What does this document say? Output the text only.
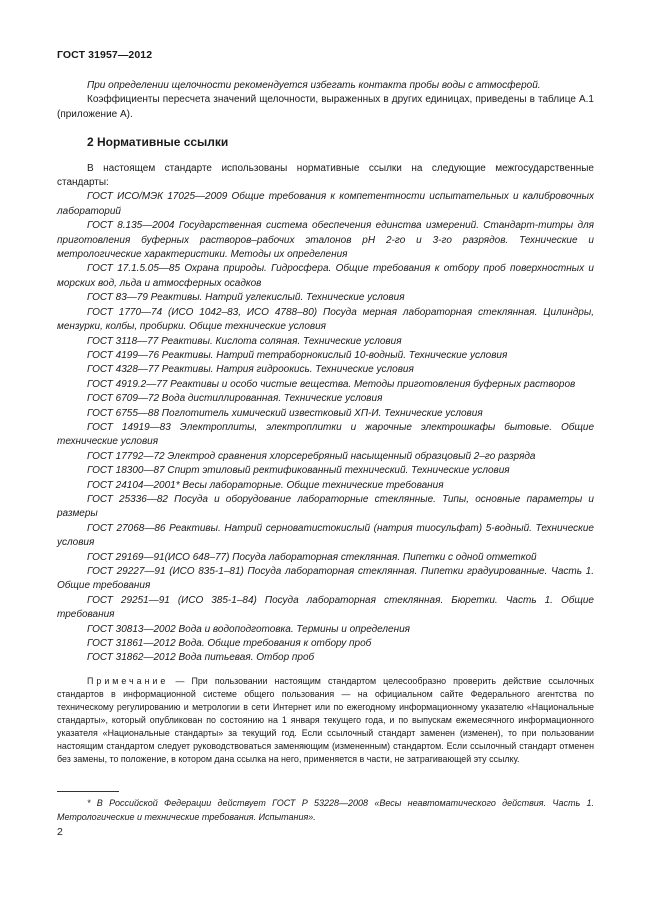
ГОСТ 31957—2012

При определении щелочности рекомендуется избегать контакта пробы воды с атмосферой.

Коэффициенты пересчета значений щелочности, выраженных в других единицах, приведены в таблице А.1 (приложение А).

2 Нормативные ссылки

В настоящем стандарте использованы нормативные ссылки на следующие межгосударственные стандарты:

ГОСТ ИСО/МЭК 17025—2009 Общие требования к компетентности испытательных и калибровочных лабораторий

ГОСТ 8.135—2004 Государственная система обеспечения единства измерений. Стандарт-титры для приготовления буферных растворов–рабочих эталонов pH 2-го и 3-го разрядов. Технические и метрологические характеристики. Методы их определения

ГОСТ 17.1.5.05—85 Охрана природы. Гидросфера. Общие требования к отбору проб поверхностных и морских вод, льда и атмосферных осадков

ГОСТ 83—79 Реактивы. Натрий углекислый. Технические условия

ГОСТ 1770—74 (ИСО 1042–83, ИСО 4788–80) Посуда мерная лабораторная стеклянная. Цилиндры, мензурки, колбы, пробирки. Общие технические условия

ГОСТ 3118—77 Реактивы. Кислота соляная. Технические условия

ГОСТ 4199—76 Реактивы. Натрий тетраборнокислый 10-водный. Технические условия

ГОСТ 4328—77 Реактивы. Натрия гидроокись. Технические условия

ГОСТ 4919.2—77 Реактивы и особо чистые вещества. Методы приготовления буферных растворов

ГОСТ 6709—72 Вода дистиллированная. Технические условия

ГОСТ 6755—88 Поглотитель химический известковый ХП-И. Технические условия

ГОСТ 14919—83 Электроплиты, электроплитки и жарочные электрошкафы бытовые. Общие технические условия

ГОСТ 17792—72 Электрод сравнения хлорсеребряный насыщенный образцовый 2–го разряда

ГОСТ 18300—87 Спирт этиловый ректификованный технический. Технические условия

ГОСТ 24104—2001* Весы лабораторные. Общие технические требования

ГОСТ 25336—82 Посуда и оборудование лабораторные стеклянные. Типы, основные параметры и размеры

ГОСТ 27068—86 Реактивы. Натрий серноватистокислый (натрия тиосульфат) 5-водный. Технические условия

ГОСТ 29169—91(ИСО 648–77) Посуда лабораторная стеклянная. Пипетки с одной отметкой

ГОСТ 29227—91 (ИСО 835-1–81) Посуда лабораторная стеклянная. Пипетки градуированные. Часть 1. Общие требования

ГОСТ 29251—91 (ИСО 385-1–84) Посуда лабораторная стеклянная. Бюретки. Часть 1. Общие требования

ГОСТ 30813—2002 Вода и водоподготовка. Термины и определения

ГОСТ 31861—2012 Вода. Общие требования к отбору проб

ГОСТ 31862—2012 Вода питьевая. Отбор проб

Примечание — При пользовании настоящим стандартом целесообразно проверить действие ссылочных стандартов в информационной системе общего пользования — на официальном сайте Федерального агентства по техническому регулированию и метрологии в сети Интернет или по ежегодному информационному указателю «Национальные стандарты», который опубликован по состоянию на 1 января текущего года, и по выпускам ежемесячного информационного указателя «Национальные стандарты» за текущий год. Если ссылочный стандарт заменен (изменен), то при пользовании настоящим стандартом следует руководствоваться заменяющим (измененным) стандартом. Если ссылочный стандарт отменен без замены, то положение, в котором дана ссылка на него, применяется в части, не затрагивающей эту ссылку.

* В Российской Федерации действует ГОСТ Р 53228—2008 «Весы неавтоматического действия. Часть 1. Метрологические и технические требования. Испытания».
2
